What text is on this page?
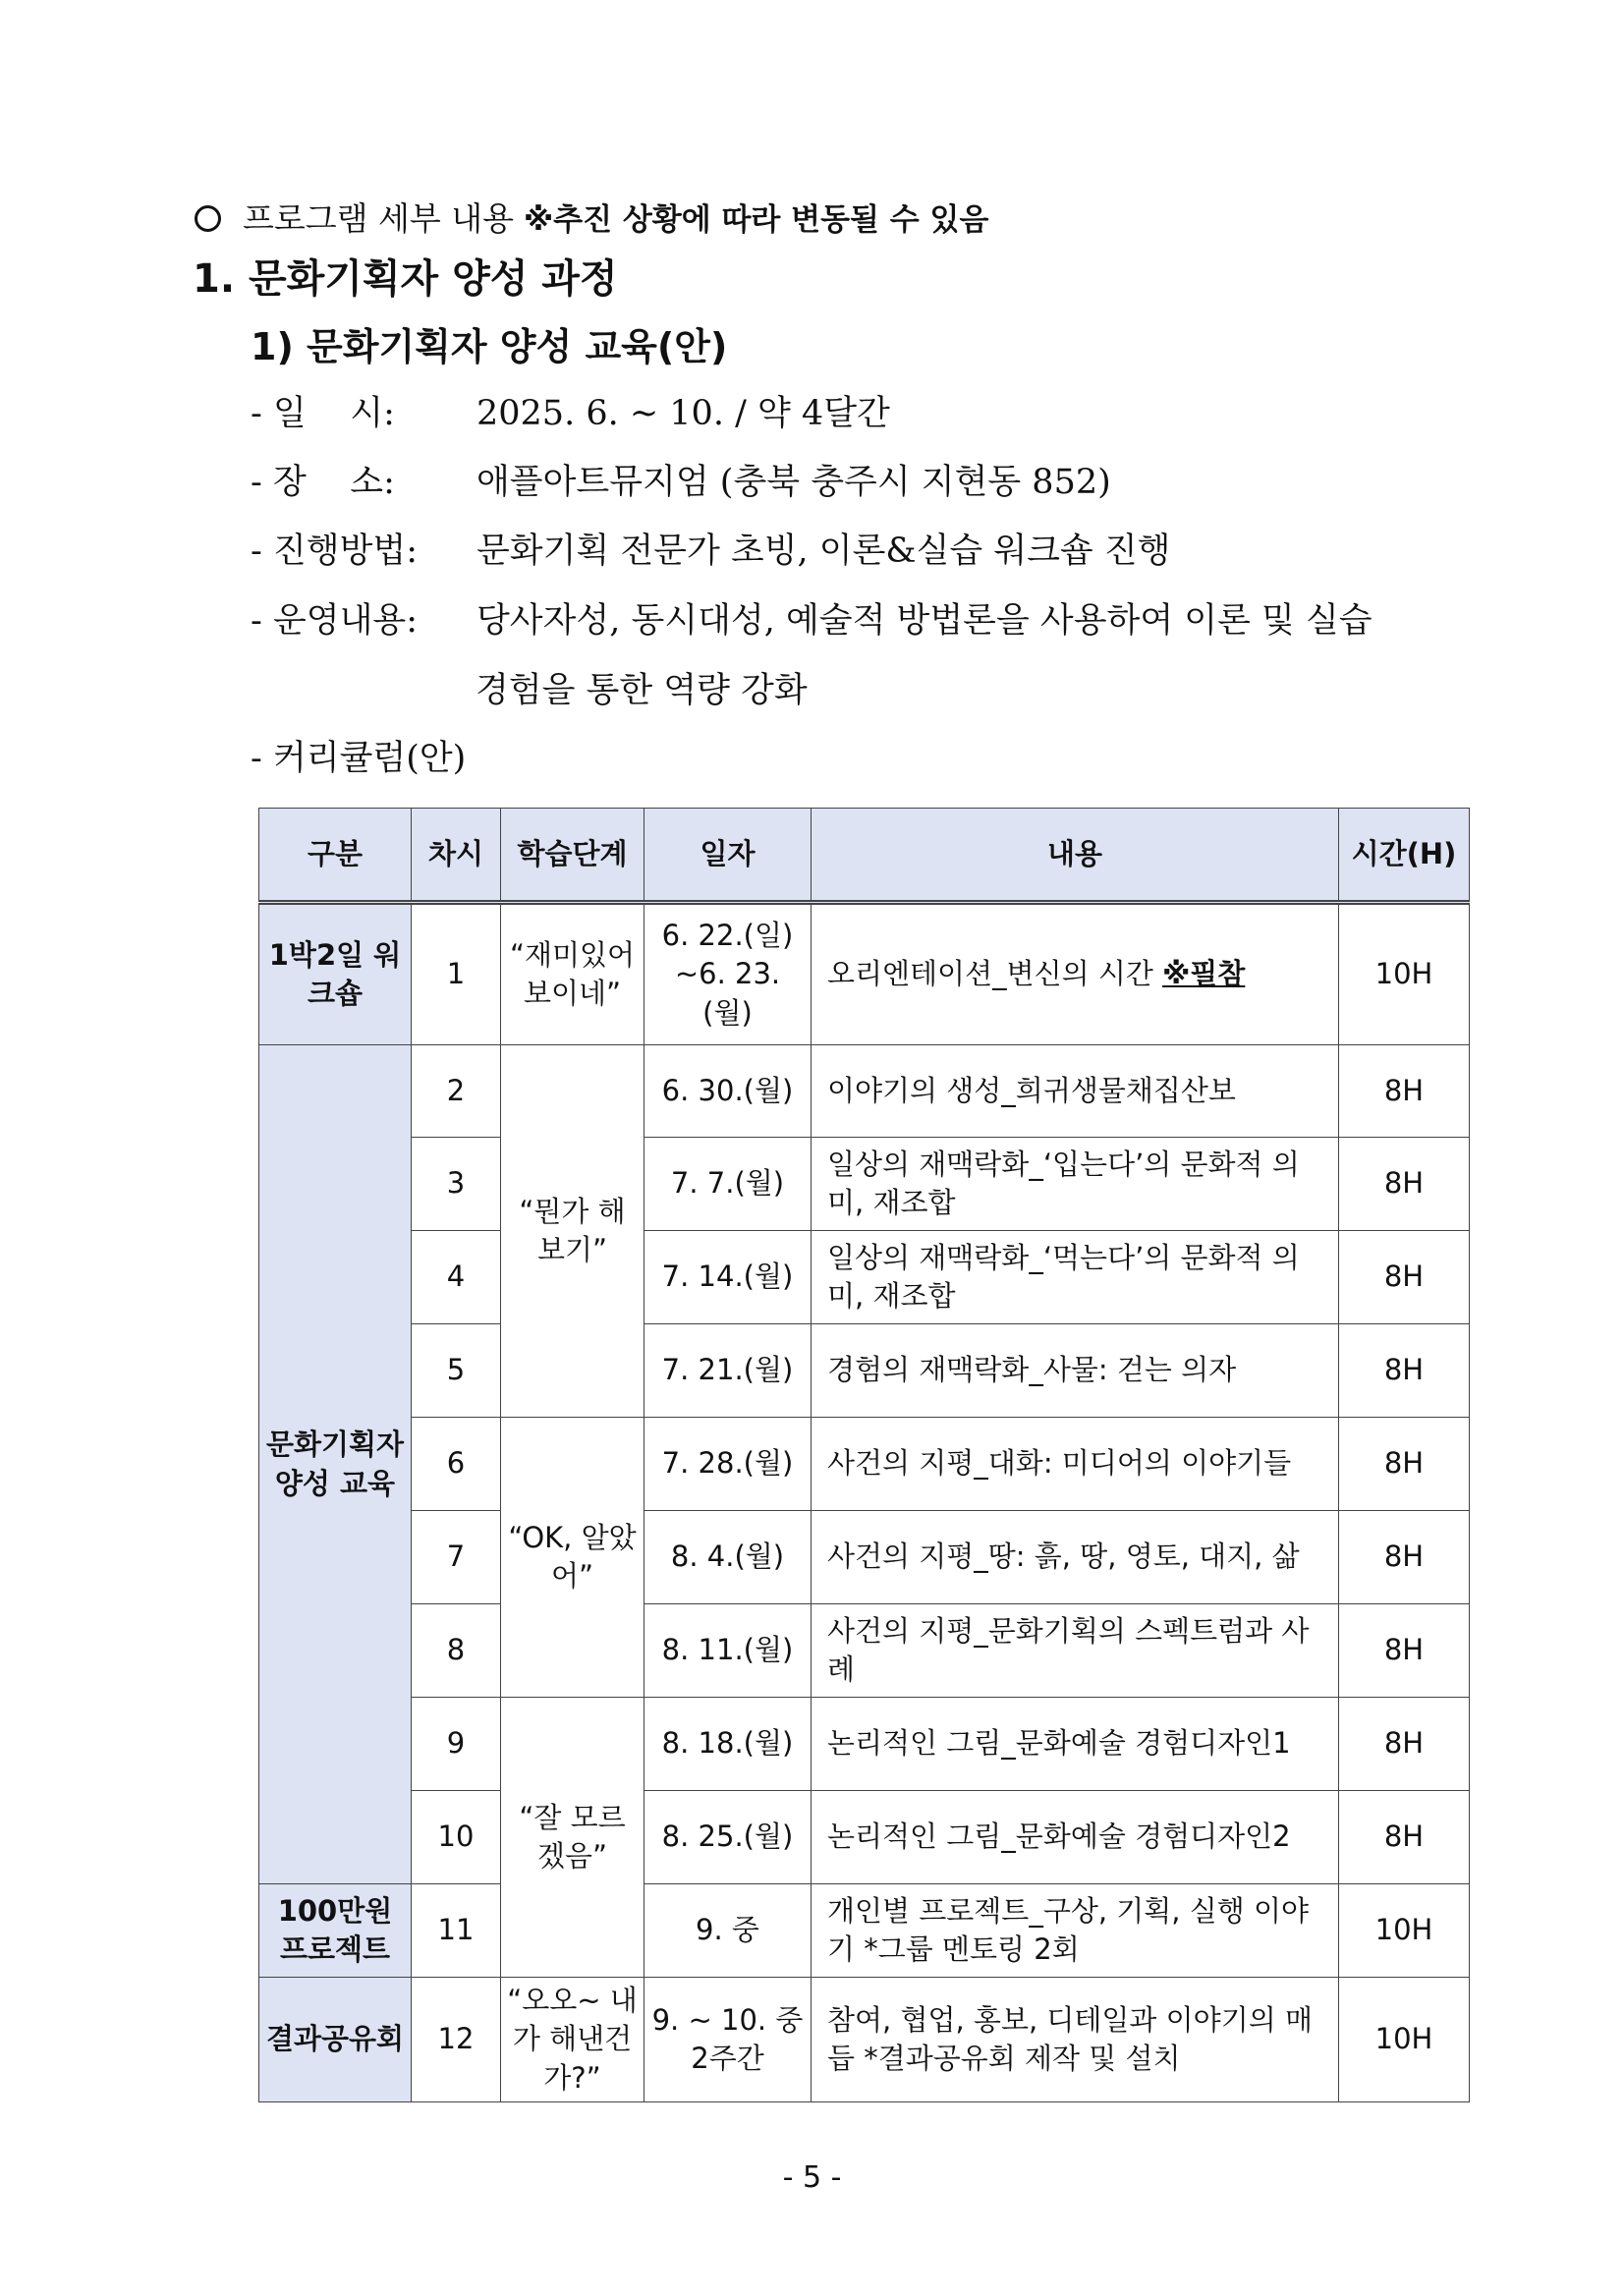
프로그램 세부 내용 ※추진 상황에 따라 변동될 수 있음
1. 문화기획자 양성 과정
1) 문화기획자 양성 교육(안)
- 일    시: 2025. 6. ~ 10. / 약 4달간
- 장    소: 애플아트뮤지엄 (충북 충주시 지현동 852)
- 진행방법: 문화기획 전문가 초빙, 이론&실습 워크숍 진행
- 운영내용: 당사자성, 동시대성, 예술적 방법론을 사용하여 이론 및 실습
경험을 통한 역량 강화
- 커리큘럼(안)
구분	차시	학습단계	일자	내용	시간(H)
1박2일 워크숍	1	“재미있어 보이네”	6. 22.(일) ~6. 23.(월)	오리엔테이션_변신의 시간 ※필참	10H
문화기획자 양성 교육	2	“뭔가 해보기”	6. 30.(월)	이야기의 생성_희귀생물채집산보	8H
	3		7. 7.(월)	일상의 재맥락화_‘입는다’의 문화적 의미, 재조합	8H
	4		7. 14.(월)	일상의 재맥락화_‘먹는다’의 문화적 의미, 재조합	8H
	5		7. 21.(월)	경험의 재맥락화_사물: 걷는 의자	8H
	6	“OK, 알았어”	7. 28.(월)	사건의 지평_대화: 미디어의 이야기들	8H
	7		8. 4.(월)	사건의 지평_땅: 흙, 땅, 영토, 대지, 삶	8H
	8		8. 11.(월)	사건의 지평_문화기획의 스펙트럼과 사례	8H
	9	“잘 모르겠음”	8. 18.(월)	논리적인 그림_문화예술 경험디자인1	8H
	10		8. 25.(월)	논리적인 그림_문화예술 경험디자인2	8H
100만원 프로젝트	11		9. 중	개인별 프로젝트_구상, 기획, 실행 이야기 *그룹 멘토링 2회	10H
결과공유회	12	“오오~ 내가 해낸건가?”	9. ~ 10. 중 2주간	참여, 협업, 홍보, 디테일과 이야기의 매듭 *결과공유회 제작 및 설치	10H
- 5 -
